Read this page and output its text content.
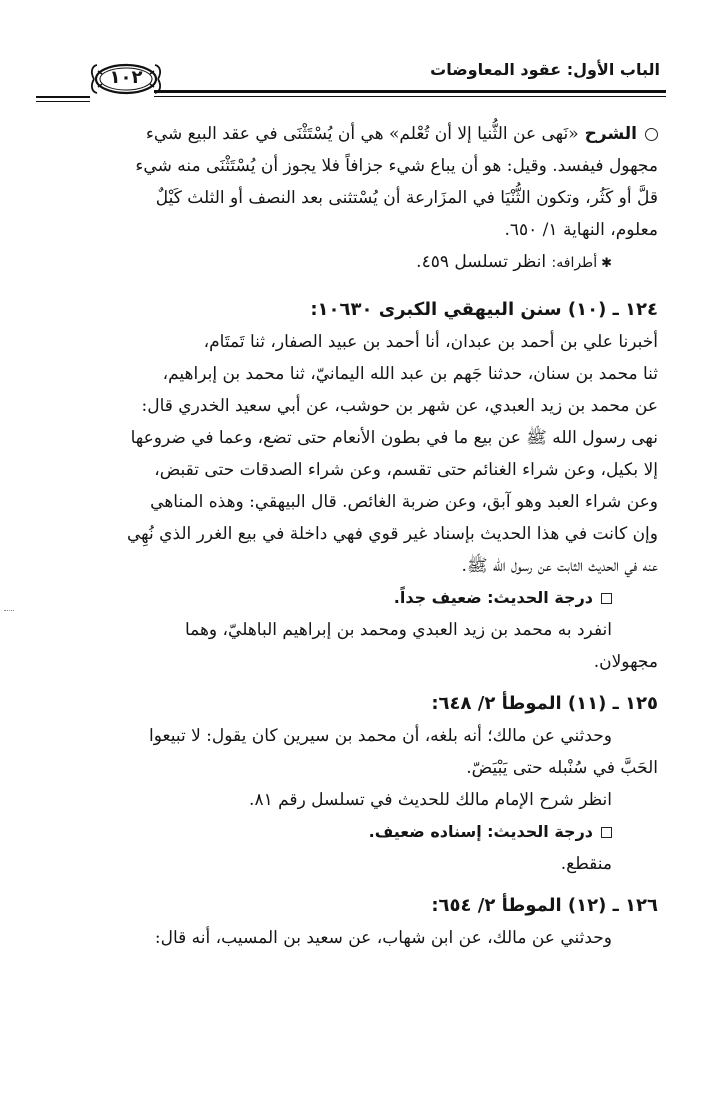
الباب الأول: عقود المعاوضات
١٠٢

الشرح«نَهى عن الثُّنيا إلا أن تُعْلم» هي أن يُسْتَثْنَى في عقد البيع شيء
مجهول فيفسد. وقيل: هو أن يباع شيء جزافاً فلا يجوز أن يُسْتَثْنَى منه شيء
قلَّ أو كَثُر، وتكون الثُّنْيَا في المزَارعة أن يُسْتثنى بعد النصف أو الثلث كَيْلٌ
معلوم، النهاية ١/ ٦٥٠.

✱أطرافه: انظر تسلسل ٤٥٩.

١٢٤ ـ (١٠) سنن البيهقي الكبرى ١٠٦٣٠:

أخبرنا علي بن أحمد بن عبدان، أنا أحمد بن عبيد الصفار، ثنا تَمتَام،
ثنا محمد بن سنان، حدثنا جَهم بن عبد الله اليمانيّ، ثنا محمد بن إبراهيم،
عن محمد بن زيد العبدي، عن شهر بن حوشب، عن أبي سعيد الخدري قال:
نهى رسول الله ﷺ عن بيع ما في بطون الأنعام حتى تضع، وعما في ضروعها
إلا بكيل، وعن شراء الغنائم حتى تقسم، وعن شراء الصدقات حتى تقبض،
وعن شراء العبد وهو آبق، وعن ضربة الغائص. قال البيهقي: وهذه المناهي
وإن كانت في هذا الحديث بإسناد غير قوي فهي داخلة في بيع الغرر الذي نُهِي
عنه في الحديث الثابت عن رسول الله ﷺ.

درجة الحديث: ضعيف جداً.

انفرد به محمد بن زيد العبدي ومحمد بن إبراهيم الباهليّ، وهما
مجهولان.

١٢٥ ـ (١١) الموطأ ٢/ ٦٤٨:

وحدثني عن مالك؛ أنه بلغه، أن محمد بن سيرين كان يقول: لا تبيعوا
الحَبَّ في سُنْبله حتى يَبْيَضّ.

انظر شرح الإمام مالك للحديث في تسلسل رقم ٨١.

درجة الحديث: إسناده ضعيف.

منقطع.

١٢٦ ـ (١٢) الموطأ ٢/ ٦٥٤:

وحدثني عن مالك، عن ابن شهاب، عن سعيد بن المسيب، أنه قال:
